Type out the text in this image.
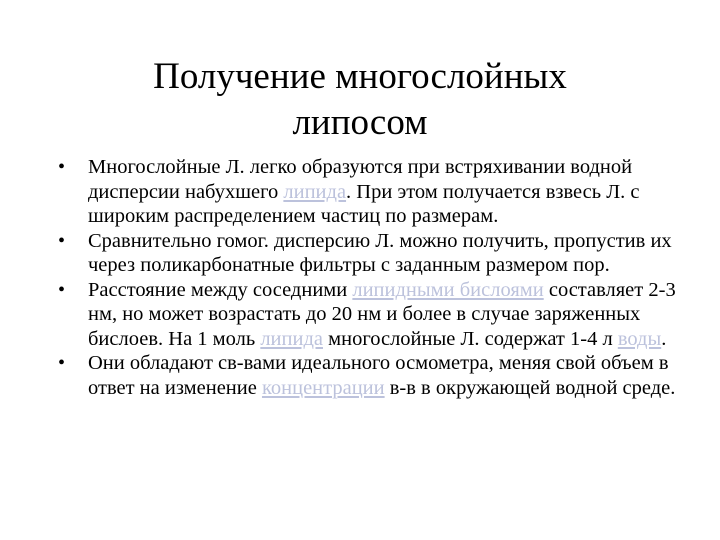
Получение многослойных
липосом
•	Многослойные Л. легко образуются при встряхивании водной дисперсии набухшего липида. При этом получается взвесь Л. с широким распределением частиц по размерам.
•	Сравнительно гомог. дисперсию Л. можно получить, пропустив их через поликарбонатные фильтры с заданным размером пор.
•	Расстояние между соседними липидными бислоями составляет 2-3 нм, но может возрастать до 20 нм и более в случае заряженных бислоев. На 1 моль липида многослойные Л. содержат 1-4 л воды.
•	Они обладают св-вами идеального осмометра, меняя свой объем в ответ на изменение концентрации в-в в окружающей водной среде.
